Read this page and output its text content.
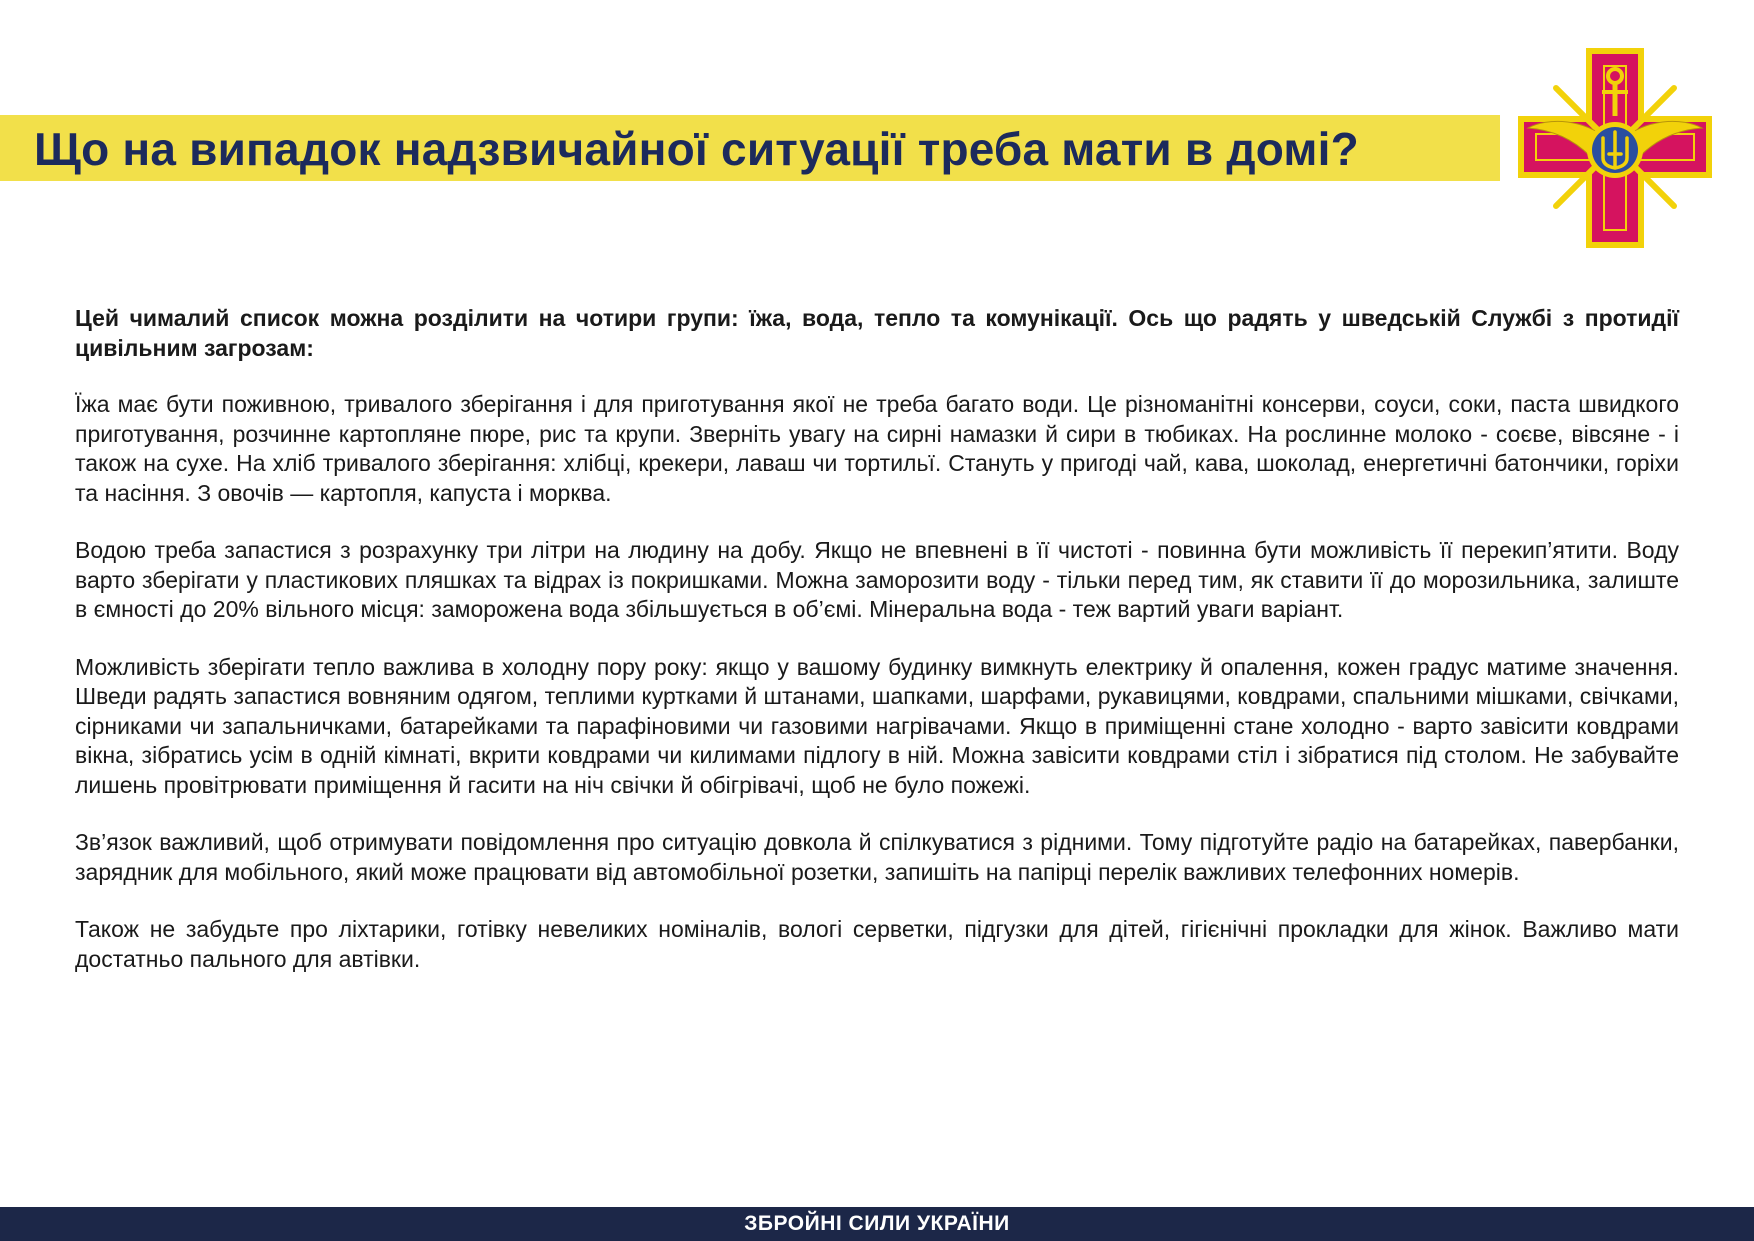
Що на випадок надзвичайної ситуації треба мати в домі?

Цей чималий список можна розділити на чотири групи: їжа, вода, тепло та комунікації. Ось що радять у шведській Службі з протидії цивільним загрозам:

Їжа має бути поживною, тривалого зберігання і для приготування якої не треба багато води. Це різноманітні консерви, соуси, соки, паста швидкого приготування, розчинне картопляне пюре, рис та крупи. Зверніть увагу на сирні намазки й сири в тюбиках. На рослинне молоко - соєве, вівсяне - і також на сухе. На хліб тривалого зберігання: хлібці, крекери, лаваш чи тортильї. Стануть у пригоді чай, кава, шоколад, енергетичні батончики, горіхи та насіння. З овочів — картопля, капуста і морква.

Водою треба запастися з розрахунку три літри на людину на добу. Якщо не впевнені в її чистоті - повинна бути можливість її перекип’ятити. Воду варто зберігати у пластикових пляшках та відрах із покришками. Можна заморозити воду - тільки перед тим, як ставити її до морозильника, залиште в ємності до 20% вільного місця: заморожена вода збільшується в об’ємі. Мінеральна вода - теж вартий уваги варіант.

Можливість зберігати тепло важлива в холодну пору року: якщо у вашому будинку вимкнуть електрику й опалення, кожен градус матиме значення. Шведи радять запастися вовняним одягом, теплими куртками й штанами, шапками, шарфами, рукавицями, ковдрами, спальними мішками, свічками, сірниками чи запальничками, батарейками та парафіновими чи газовими нагрівачами. Якщо в приміщенні стане холодно - варто завісити ковдрами вікна, зібратись усім в одній кімнаті, вкрити ковдрами чи килимами підлогу в ній. Можна завісити ковдрами стіл і зібратися під столом. Не забувайте лишень провітрювати приміщення й гасити на ніч свічки й обігрівачі, щоб не було пожежі.

Зв’язок важливий, щоб отримувати повідомлення про ситуацію довкола й спілкуватися з рідними. Тому підготуйте радіо на батарейках, павербанки, зарядник для мобільного, який може працювати від автомобільної розетки, запишіть на папірці перелік важливих телефонних номерів.

Також не забудьте про ліхтарики, готівку невеликих номіналів, вологі серветки, підгузки для дітей, гігієнічні прокладки для жінок. Важливо мати достатньо пального для автівки.

ЗБРОЙНІ СИЛИ УКРАЇНИ
